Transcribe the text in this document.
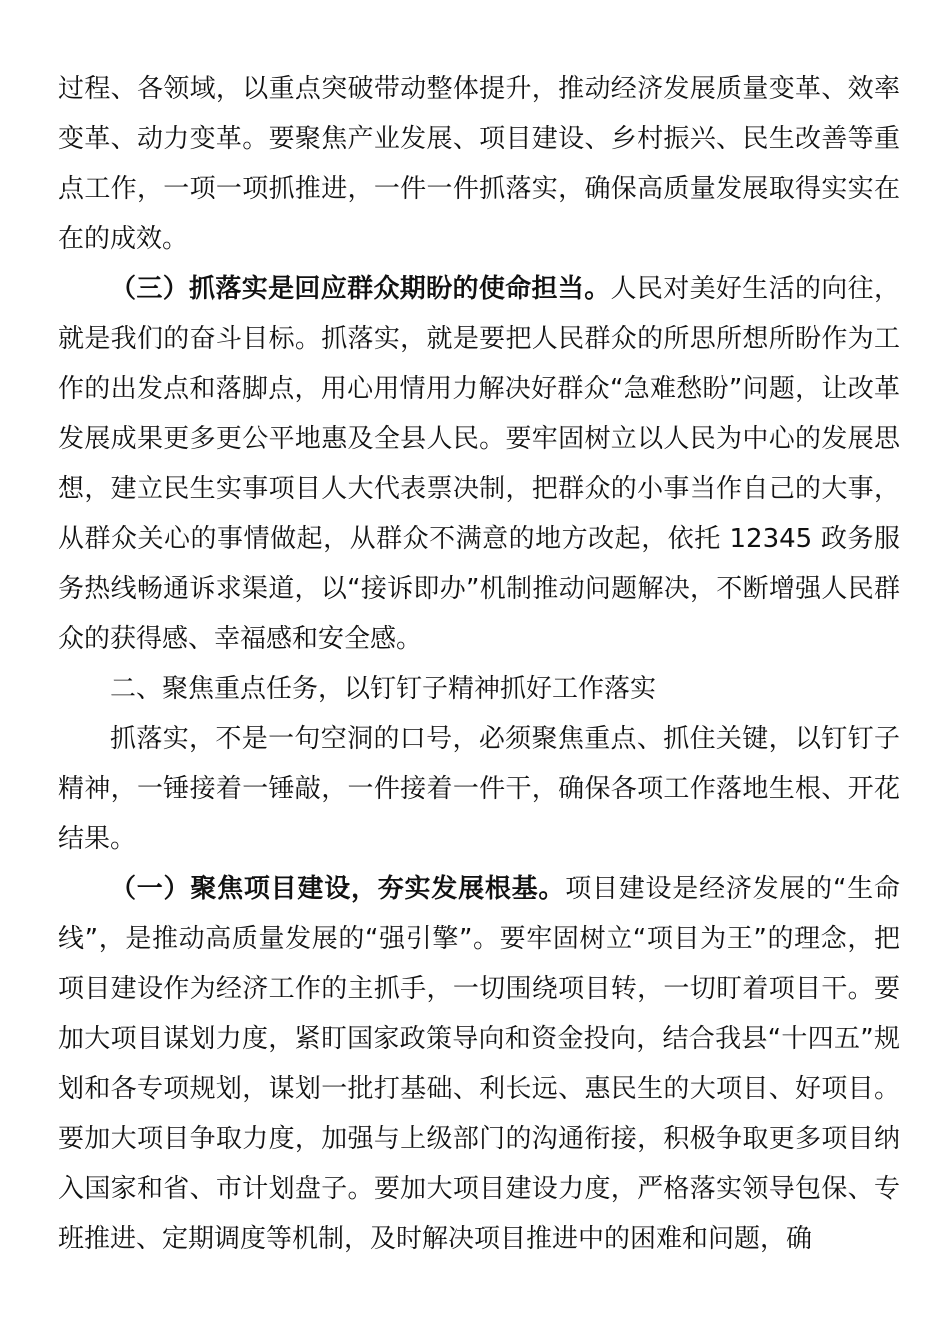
过程、各领域，以重点突破带动整体提升，推动经济发展质量变革、效率变革、动力变革。要聚焦产业发展、项目建设、乡村振兴、民生改善等重点工作，一项一项抓推进，一件一件抓落实，确保高质量发展取得实实在在的成效。

（三）抓落实是回应群众期盼的使命担当。人民对美好生活的向往，就是我们的奋斗目标。抓落实，就是要把人民群众的所思所想所盼作为工作的出发点和落脚点，用心用情用力解决好群众“急难愁盼”问题，让改革发展成果更多更公平地惠及全县人民。要牢固树立以人民为中心的发展思想，建立民生实事项目人大代表票决制，把群众的小事当作自己的大事，从群众关心的事情做起，从群众不满意的地方改起，依托 12345 政务服务热线畅通诉求渠道，以“接诉即办”机制推动问题解决，不断增强人民群众的获得感、幸福感和安全感。

二、聚焦重点任务，以钉钉子精神抓好工作落实

抓落实，不是一句空洞的口号，必须聚焦重点、抓住关键，以钉钉子精神，一锤接着一锤敲，一件接着一件干，确保各项工作落地生根、开花结果。

（一）聚焦项目建设，夯实发展根基。项目建设是经济发展的“生命线”，是推动高质量发展的“强引擎”。要牢固树立“项目为王”的理念，把项目建设作为经济工作的主抓手，一切围绕项目转，一切盯着项目干。要加大项目谋划力度，紧盯国家政策导向和资金投向，结合我县“十四五”规划和各专项规划，谋划一批打基础、利长远、惠民生的大项目、好项目。要加大项目争取力度，加强与上级部门的沟通衔接，积极争取更多项目纳入国家和省、市计划盘子。要加大项目建设力度，严格落实领导包保、专班推进、定期调度等机制，及时解决项目推进中的困难和问题，确
